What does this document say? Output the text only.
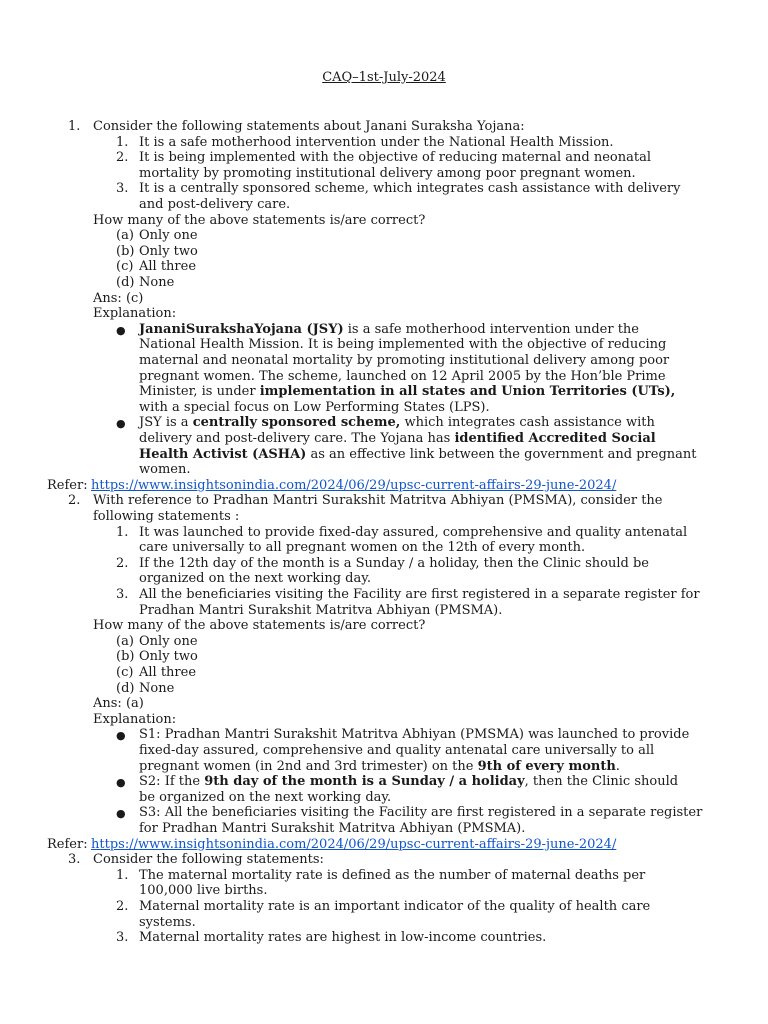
CAQ–1st-July-2024
1. Consider the following statements about Janani Suraksha Yojana:
1. It is a safe motherhood intervention under the National Health Mission.
2. It is being implemented with the objective of reducing maternal and neonatal
mortality by promoting institutional delivery among poor pregnant women.
3. It is a centrally sponsored scheme, which integrates cash assistance with delivery
and post-delivery care.
How many of the above statements is/are correct?
(a) Only one
(b) Only two
(c) All three
(d) None
Ans: (c)
Explanation:
● JananiSurakshaYojana (JSY) is a safe motherhood intervention under the
National Health Mission. It is being implemented with the objective of reducing
maternal and neonatal mortality by promoting institutional delivery among poor
pregnant women. The scheme, launched on 12 April 2005 by the Hon’ble Prime
Minister, is under implementation in all states and Union Territories (UTs),
with a special focus on Low Performing States (LPS).
● JSY is a centrally sponsored scheme, which integrates cash assistance with
delivery and post-delivery care. The Yojana has identified Accredited Social
Health Activist (ASHA) as an effective link between the government and pregnant
women.
Refer: https://www.insightsonindia.com/2024/06/29/upsc-current-affairs-29-june-2024/
2. With reference to Pradhan Mantri Surakshit Matritva Abhiyan (PMSMA), consider the
following statements :
1. It was launched to provide fixed-day assured, comprehensive and quality antenatal
care universally to all pregnant women on the 12th of every month.
2. If the 12th day of the month is a Sunday / a holiday, then the Clinic should be
organized on the next working day.
3. All the beneficiaries visiting the Facility are first registered in a separate register for
Pradhan Mantri Surakshit Matritva Abhiyan (PMSMA).
How many of the above statements is/are correct?
(a) Only one
(b) Only two
(c) All three
(d) None
Ans: (a)
Explanation:
● S1: Pradhan Mantri Surakshit Matritva Abhiyan (PMSMA) was launched to provide
fixed-day assured, comprehensive and quality antenatal care universally to all
pregnant women (in 2nd and 3rd trimester) on the 9th of every month.
● S2: If the 9th day of the month is a Sunday / a holiday, then the Clinic should
be organized on the next working day.
● S3: All the beneficiaries visiting the Facility are first registered in a separate register
for Pradhan Mantri Surakshit Matritva Abhiyan (PMSMA).
Refer: https://www.insightsonindia.com/2024/06/29/upsc-current-affairs-29-june-2024/
3. Consider the following statements:
1. The maternal mortality rate is defined as the number of maternal deaths per
100,000 live births.
2. Maternal mortality rate is an important indicator of the quality of health care
systems.
3. Maternal mortality rates are highest in low-income countries.
